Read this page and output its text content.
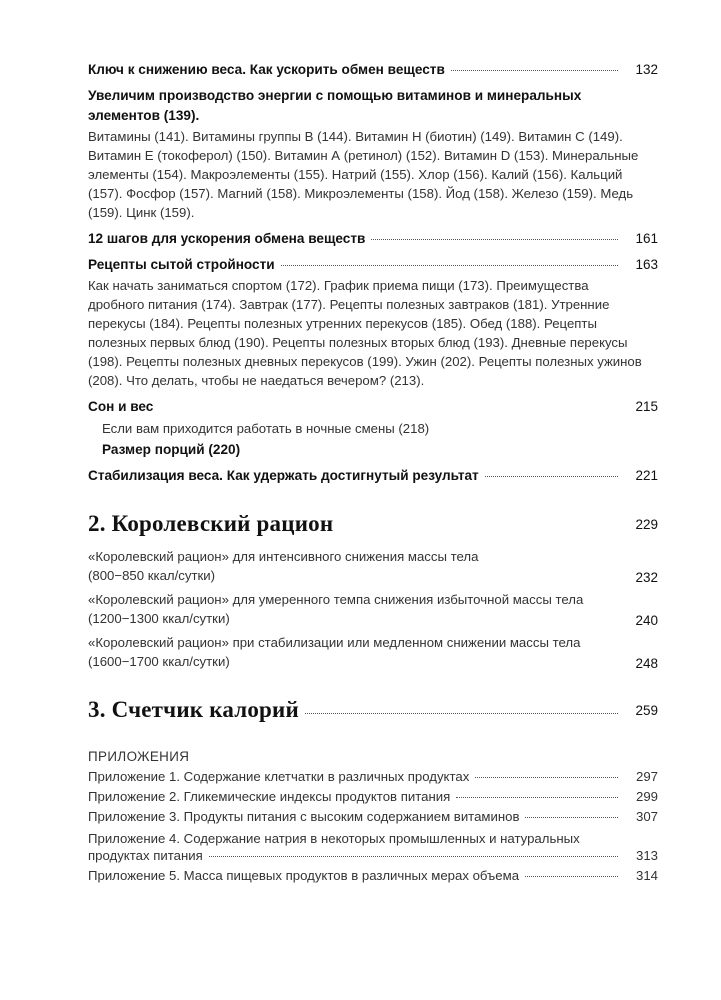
Ключ к снижению веса. Как ускорить обмен веществ	132
Увеличим производство энергии с помощью витаминов и минеральных элементов (139).
Витамины (141). Витамины группы В (144). Витамин Н (биотин) (149). Витамин С (149). Витамин Е (токоферол) (150). Витамин А (ретинол) (152). Витамин D (153). Минеральные элементы (154). Макроэлементы (155). Натрий (155). Хлор (156). Калий (156). Кальций (157). Фосфор (157). Магний (158). Микроэлементы (158). Йод (158). Железо (159). Медь (159). Цинк (159).
12 шагов для ускорения обмена веществ	161
Рецепты сытой стройности	163
Как начать заниматься спортом (172). График приема пищи (173). Преимущества дробного питания (174). Завтрак (177). Рецепты полезных завтраков (181). Утренние перекусы (184). Рецепты полезных утренних перекусов (185). Обед (188). Рецепты полезных первых блюд (190). Рецепты полезных вторых блюд (193). Дневные перекусы (198). Рецепты полезных дневных перекусов (199). Ужин (202). Рецепты полезных ужинов (208). Что делать, чтобы не наедаться вечером? (213).
Сон и вес	215
Если вам приходится работать в ночные смены (218)
Размер порций (220)
Стабилизация веса. Как удержать достигнутый результат	221
2. Королевский рацион	229
«Королевский рацион» для интенсивного снижения массы тела
(800−850 ккал/сутки)	232
«Королевский рацион» для умеренного темпа снижения избыточной массы тела
(1200−1300 ккал/сутки)	240
«Королевский рацион» при стабилизации или медленном снижении массы тела
(1600−1700 ккал/сутки)	248
3. Счетчик калорий	259
ПРИЛОЖЕНИЯ
Приложение 1. Содержание клетчатки в различных продуктах	297
Приложение 2. Гликемические индексы продуктов питания	299
Приложение 3. Продукты питания с высоким содержанием витаминов	307
Приложение 4. Содержание натрия в некоторых промышленных и натуральных
продуктах питания	313
Приложение 5. Масса пищевых продуктов в различных мерах объема	314
